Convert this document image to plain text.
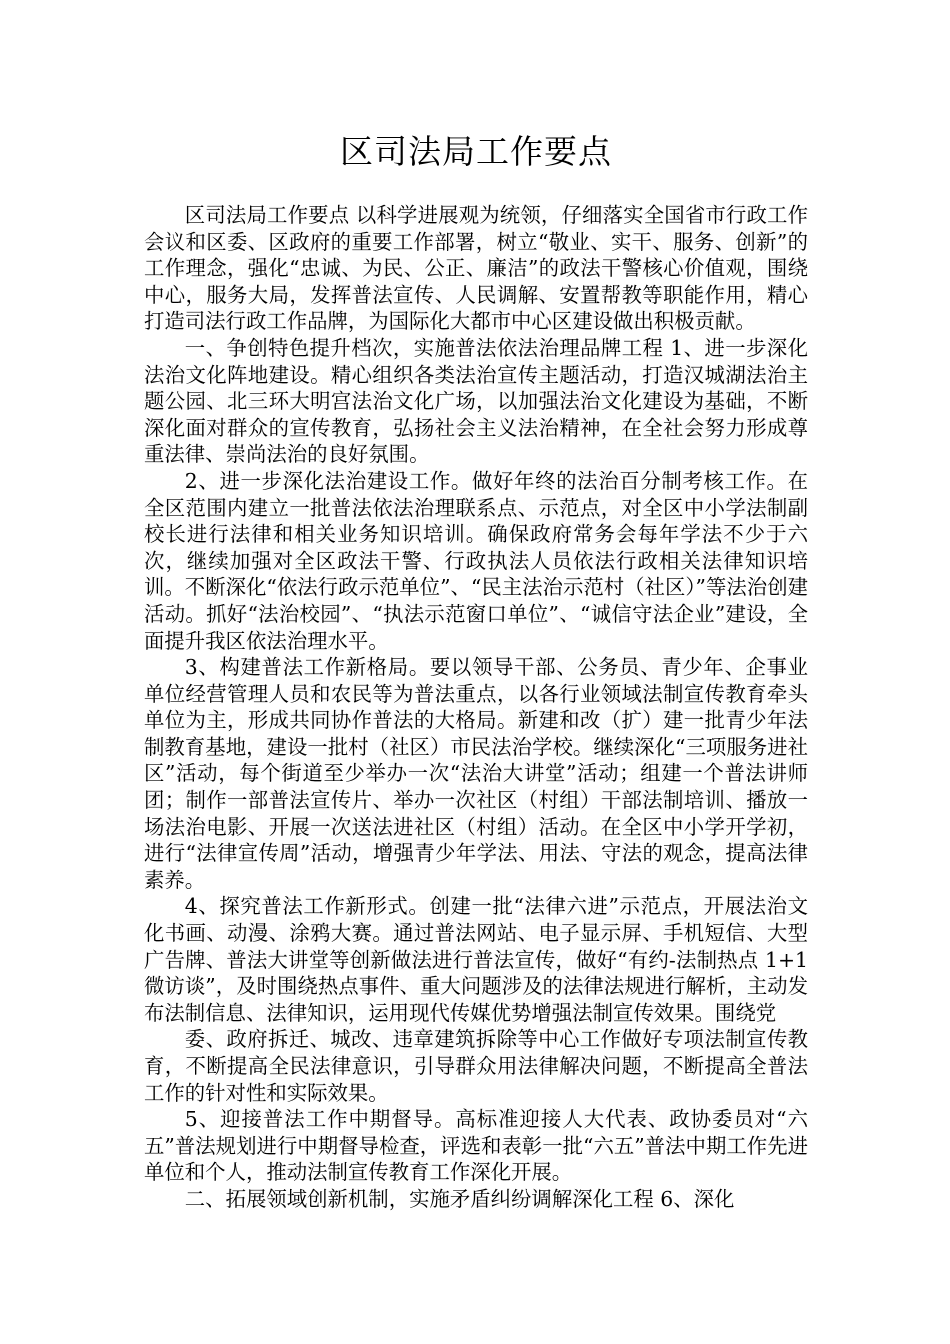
区司法局工作要点

区司法局工作要点 以科学进展观为统领，仔细落实全国省市行政工作会议和区委、区政府的重要工作部署，树立“敬业、实干、服务、创新”的工作理念，强化“忠诚、为民、公正、廉洁”的政法干警核心价值观，围绕中心，服务大局，发挥普法宣传、人民调解、安置帮教等职能作用，精心打造司法行政工作品牌，为国际化大都市中心区建设做出积极贡献。

一、争创特色提升档次，实施普法依法治理品牌工程 1、进一步深化法治文化阵地建设。精心组织各类法治宣传主题活动，打造汉城湖法治主题公园、北三环大明宫法治文化广场，以加强法治文化建设为基础，不断深化面对群众的宣传教育，弘扬社会主义法治精神，在全社会努力形成尊重法律、崇尚法治的良好氛围。

2、进一步深化法治建设工作。做好年终的法治百分制考核工作。在全区范围内建立一批普法依法治理联系点、示范点，对全区中小学法制副校长进行法律和相关业务知识培训。确保政府常务会每年学法不少于六次，继续加强对全区政法干警、行政执法人员依法行政相关法律知识培训。不断深化“依法行政示范单位”、“民主法治示范村（社区）”等法治创建活动。抓好“法治校园”、“执法示范窗口单位”、“诚信守法企业”建设，全面提升我区依法治理水平。

3、构建普法工作新格局。要以领导干部、公务员、青少年、企事业单位经营管理人员和农民等为普法重点，以各行业领域法制宣传教育牵头单位为主，形成共同协作普法的大格局。新建和改（扩）建一批青少年法制教育基地，建设一批村（社区）市民法治学校。继续深化“三项服务进社区”活动，每个街道至少举办一次“法治大讲堂”活动；组建一个普法讲师团；制作一部普法宣传片、举办一次社区（村组）干部法制培训、播放一场法治电影、开展一次送法进社区（村组）活动。在全区中小学开学初，进行“法律宣传周”活动，增强青少年学法、用法、守法的观念，提高法律素养。

4、探究普法工作新形式。创建一批“法律六进”示范点，开展法治文化书画、动漫、涂鸦大赛。通过普法网站、电子显示屏、手机短信、大型广告牌、普法大讲堂等创新做法进行普法宣传，做好“有约-法制热点 1+1 微访谈”，及时围绕热点事件、重大问题涉及的法律法规进行解析，主动发布法制信息、法律知识，运用现代传媒优势增强法制宣传效果。围绕党

委、政府拆迁、城改、违章建筑拆除等中心工作做好专项法制宣传教育，不断提高全民法律意识，引导群众用法律解决问题，不断提高全普法工作的针对性和实际效果。

5、迎接普法工作中期督导。高标准迎接人大代表、政协委员对“六五”普法规划进行中期督导检查，评选和表彰一批“六五”普法中期工作先进单位和个人，推动法制宣传教育工作深化开展。

二、拓展领域创新机制，实施矛盾纠纷调解深化工程 6、深化
